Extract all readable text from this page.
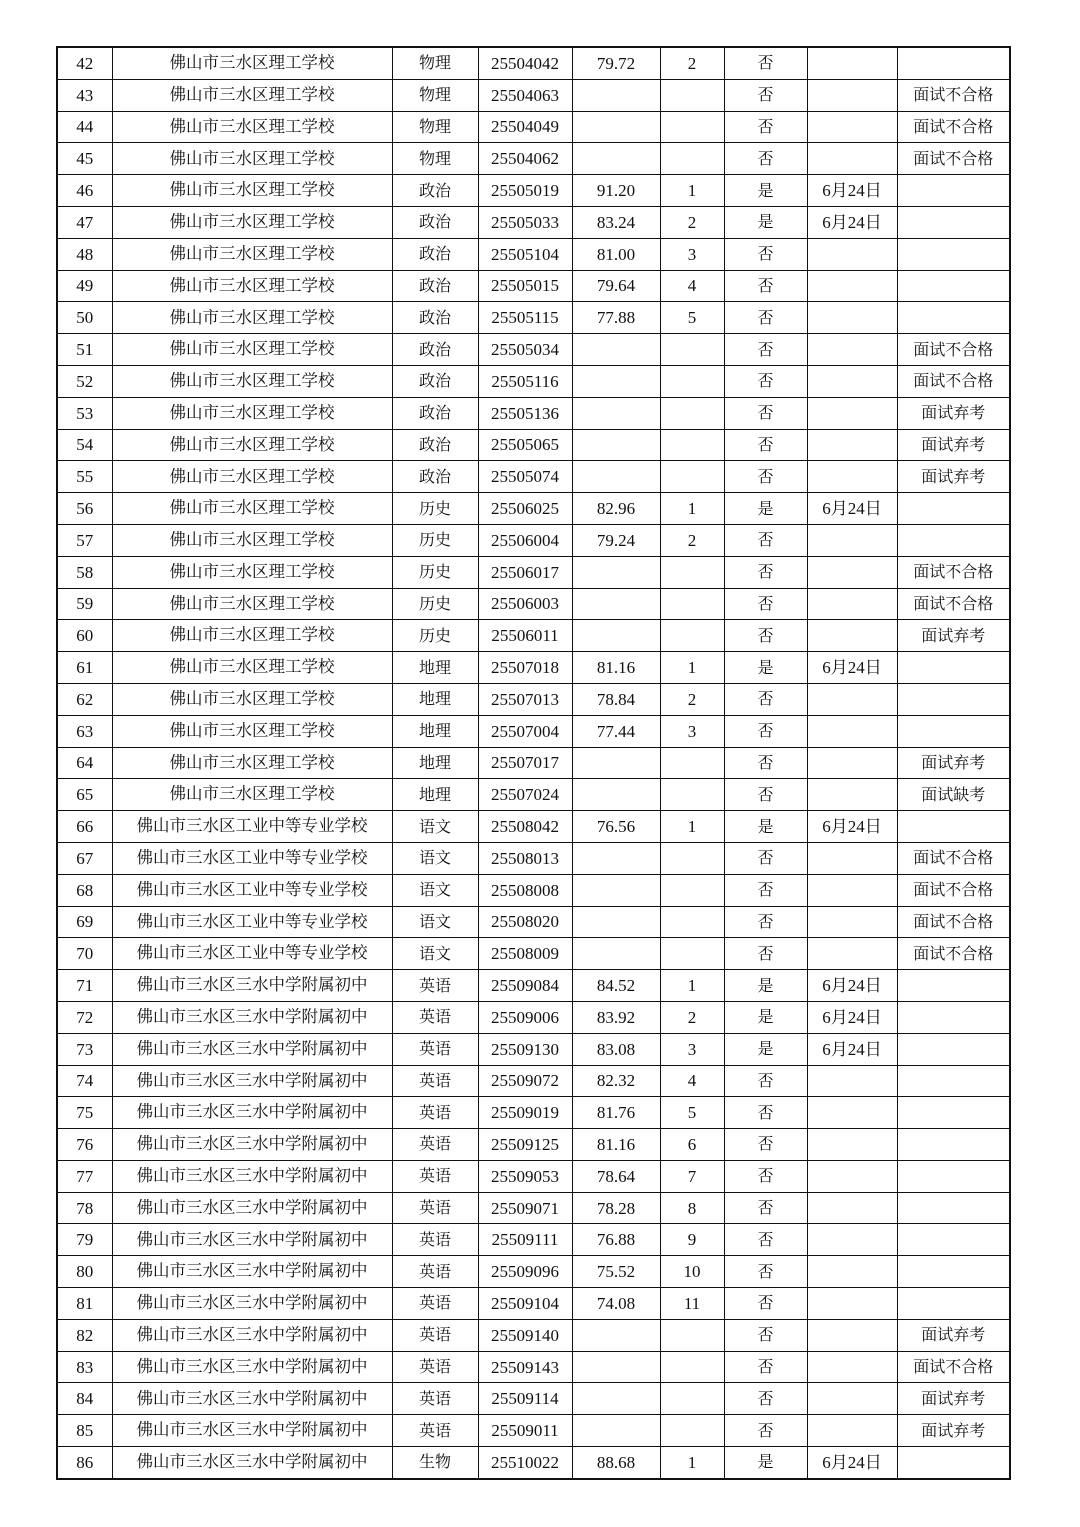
42	佛山市三水区理工学校	物理	25504042	79.72	2	否		
43	佛山市三水区理工学校	物理	25504063			否		面试不合格
44	佛山市三水区理工学校	物理	25504049			否		面试不合格
45	佛山市三水区理工学校	物理	25504062			否		面试不合格
46	佛山市三水区理工学校	政治	25505019	91.20	1	是	6月24日	
47	佛山市三水区理工学校	政治	25505033	83.24	2	是	6月24日	
48	佛山市三水区理工学校	政治	25505104	81.00	3	否		
49	佛山市三水区理工学校	政治	25505015	79.64	4	否		
50	佛山市三水区理工学校	政治	25505115	77.88	5	否		
51	佛山市三水区理工学校	政治	25505034			否		面试不合格
52	佛山市三水区理工学校	政治	25505116			否		面试不合格
53	佛山市三水区理工学校	政治	25505136			否		面试弃考
54	佛山市三水区理工学校	政治	25505065			否		面试弃考
55	佛山市三水区理工学校	政治	25505074			否		面试弃考
56	佛山市三水区理工学校	历史	25506025	82.96	1	是	6月24日	
57	佛山市三水区理工学校	历史	25506004	79.24	2	否		
58	佛山市三水区理工学校	历史	25506017			否		面试不合格
59	佛山市三水区理工学校	历史	25506003			否		面试不合格
60	佛山市三水区理工学校	历史	25506011			否		面试弃考
61	佛山市三水区理工学校	地理	25507018	81.16	1	是	6月24日	
62	佛山市三水区理工学校	地理	25507013	78.84	2	否		
63	佛山市三水区理工学校	地理	25507004	77.44	3	否		
64	佛山市三水区理工学校	地理	25507017			否		面试弃考
65	佛山市三水区理工学校	地理	25507024			否		面试缺考
66	佛山市三水区工业中等专业学校	语文	25508042	76.56	1	是	6月24日	
67	佛山市三水区工业中等专业学校	语文	25508013			否		面试不合格
68	佛山市三水区工业中等专业学校	语文	25508008			否		面试不合格
69	佛山市三水区工业中等专业学校	语文	25508020			否		面试不合格
70	佛山市三水区工业中等专业学校	语文	25508009			否		面试不合格
71	佛山市三水区三水中学附属初中	英语	25509084	84.52	1	是	6月24日	
72	佛山市三水区三水中学附属初中	英语	25509006	83.92	2	是	6月24日	
73	佛山市三水区三水中学附属初中	英语	25509130	83.08	3	是	6月24日	
74	佛山市三水区三水中学附属初中	英语	25509072	82.32	4	否		
75	佛山市三水区三水中学附属初中	英语	25509019	81.76	5	否		
76	佛山市三水区三水中学附属初中	英语	25509125	81.16	6	否		
77	佛山市三水区三水中学附属初中	英语	25509053	78.64	7	否		
78	佛山市三水区三水中学附属初中	英语	25509071	78.28	8	否		
79	佛山市三水区三水中学附属初中	英语	25509111	76.88	9	否		
80	佛山市三水区三水中学附属初中	英语	25509096	75.52	10	否		
81	佛山市三水区三水中学附属初中	英语	25509104	74.08	11	否		
82	佛山市三水区三水中学附属初中	英语	25509140			否		面试弃考
83	佛山市三水区三水中学附属初中	英语	25509143			否		面试不合格
84	佛山市三水区三水中学附属初中	英语	25509114			否		面试弃考
85	佛山市三水区三水中学附属初中	英语	25509011			否		面试弃考
86	佛山市三水区三水中学附属初中	生物	25510022	88.68	1	是	6月24日	
